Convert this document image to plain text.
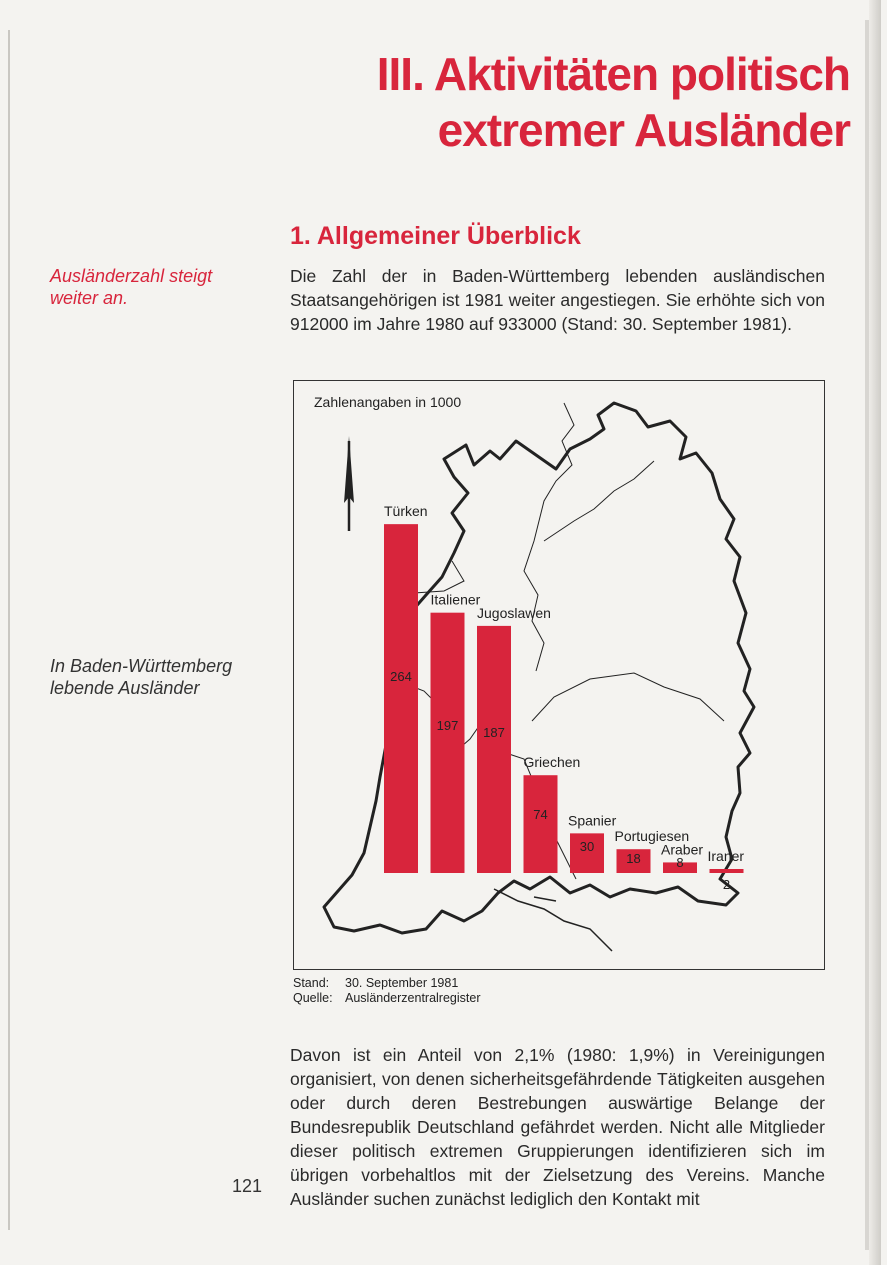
III. Aktivitäten politisch
extremer Ausländer
1. Allgemeiner Überblick
Ausländerzahl steigt weiter an.
In Baden-Württemberg lebende Ausländer
Die Zahl der in Baden-Württemberg lebenden ausländischen Staatsangehörigen ist 1981 weiter angestiegen. Sie erhöhte sich von 912000 im Jahre 1980 auf 933000 (Stand: 30. September 1981).
Zahlenangaben in 1000
Türken
264
Italiener
197
Jugoslawen
187
Griechen
74 Spanier
30
Portugiesen
18
Araber
8 Iraner
2
Stand:	30. September 1981
Quelle: Ausländerzentralregister
Davon ist ein Anteil von 2,1% (1980: 1,9%) in Vereinigungen organisiert, von denen sicherheitsgefährdende Tätigkeiten ausgehen oder durch deren Bestrebungen auswärtige Belange der Bundesrepublik Deutschland gefährdet werden. Nicht alle Mitglieder dieser politisch extremen Gruppierungen identifizieren sich im übrigen vorbehaltlos mit der Zielsetzung des Vereins. Manche Ausländer suchen zunächst lediglich den Kontakt mit
121
